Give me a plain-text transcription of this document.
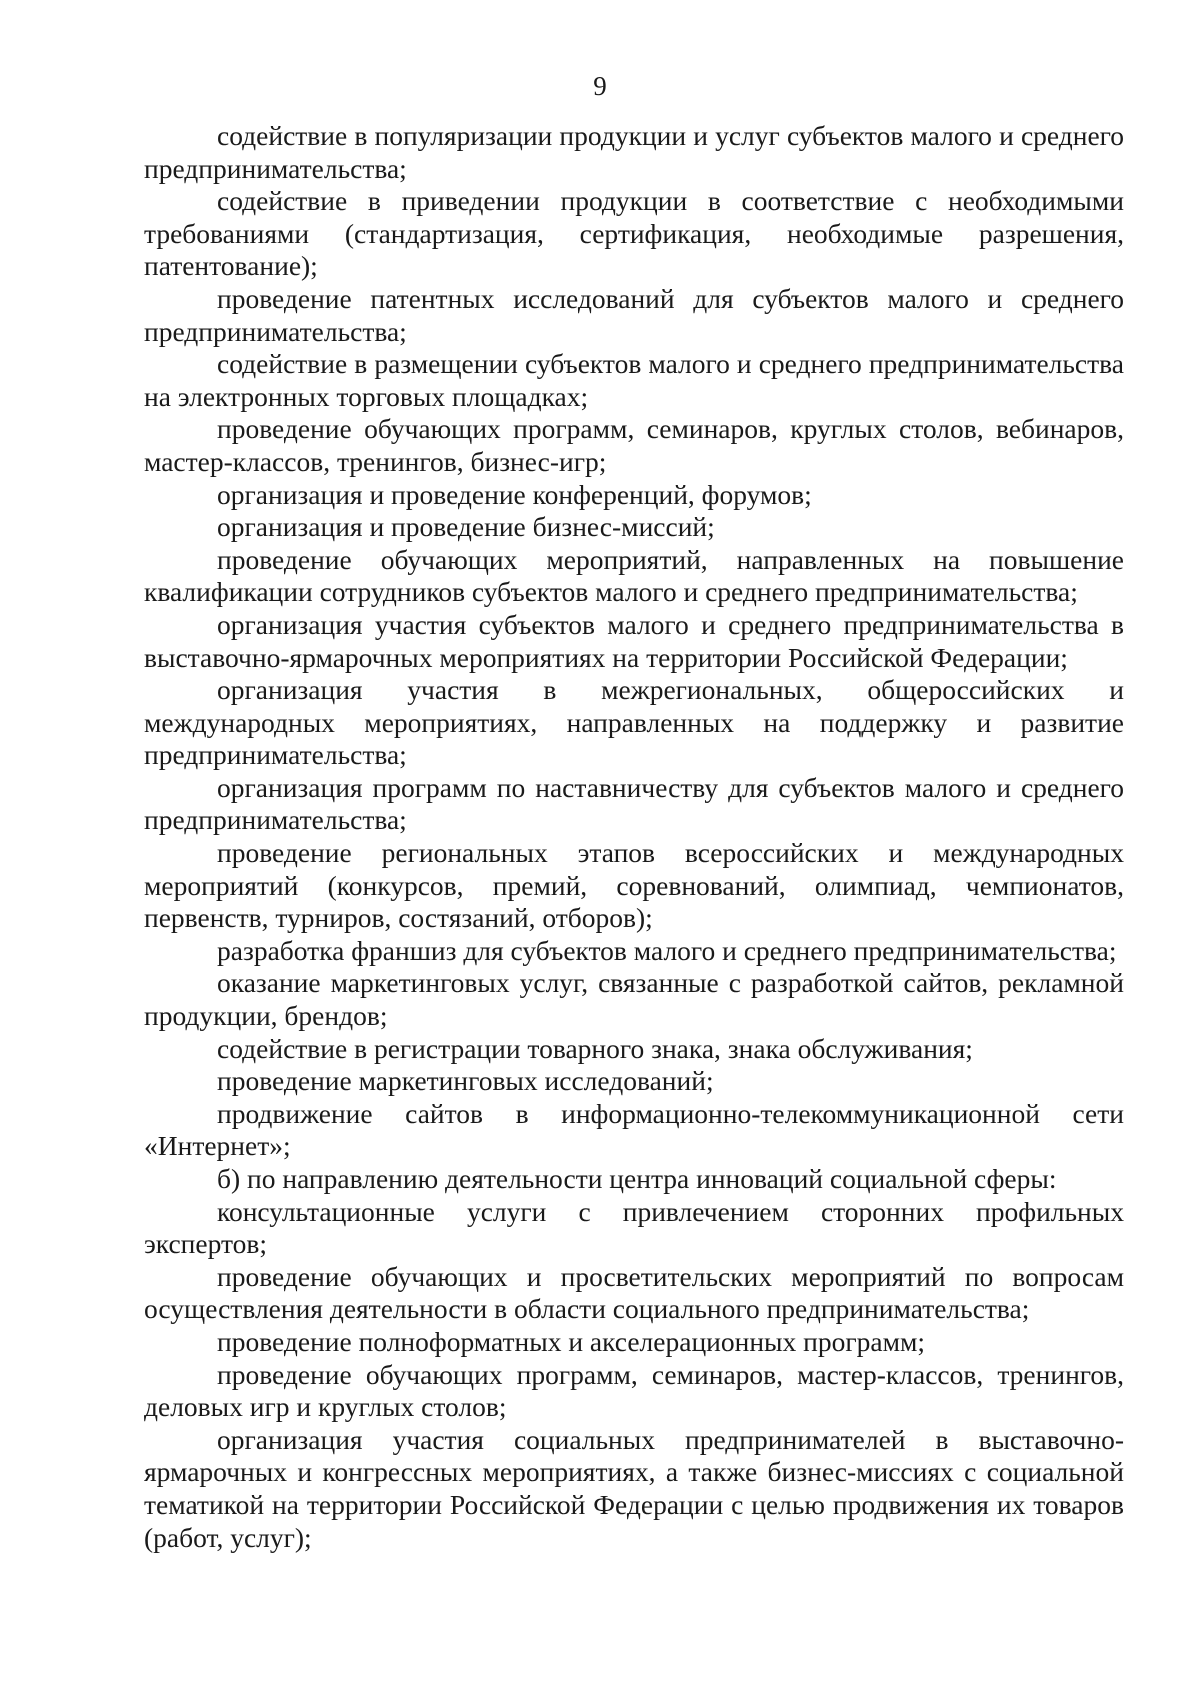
9

содействие в популяризации продукции и услуг субъектов малого и среднего предпринимательства;

содействие в приведении продукции в соответствие с необходимыми требованиями (стандартизация, сертификация, необходимые разрешения, патентование);

проведение патентных исследований для субъектов малого и среднего предпринимательства;

содействие в размещении субъектов малого и среднего предпринимательства на электронных торговых площадках;

проведение обучающих программ, семинаров, круглых столов, вебинаров, мастер-классов, тренингов, бизнес-игр;

организация и проведение конференций, форумов;

организация и проведение бизнес-миссий;

проведение обучающих мероприятий, направленных на повышение квалификации сотрудников субъектов малого и среднего предпринимательства;

организация участия субъектов малого и среднего предпринимательства в выставочно-ярмарочных мероприятиях на территории Российской Федерации;

организация участия в межрегиональных, общероссийских и международных мероприятиях, направленных на поддержку и развитие предпринимательства;

организация программ по наставничеству для субъектов малого и среднего предпринимательства;

проведение региональных этапов всероссийских и международных мероприятий (конкурсов, премий, соревнований, олимпиад, чемпионатов, первенств, турниров, состязаний, отборов);

разработка франшиз для субъектов малого и среднего предпринимательства;

оказание маркетинговых услуг, связанные с разработкой сайтов, рекламной продукции, брендов;

содействие в регистрации товарного знака, знака обслуживания;

проведение маркетинговых исследований;

продвижение сайтов в информационно-телекоммуникационной сети «Интернет»;

б) по направлению деятельности центра инноваций социальной сферы:

консультационные услуги с привлечением сторонних профильных экспертов;

проведение обучающих и просветительских мероприятий по вопросам осуществления деятельности в области социального предпринимательства;

проведение полноформатных и акселерационных программ;

проведение обучающих программ, семинаров, мастер-классов, тренингов, деловых игр и круглых столов;

организация участия социальных предпринимателей в выставочно-ярмарочных и конгрессных мероприятиях, а также бизнес-миссиях с социальной тематикой на территории Российской Федерации с целью продвижения их товаров (работ, услуг);
